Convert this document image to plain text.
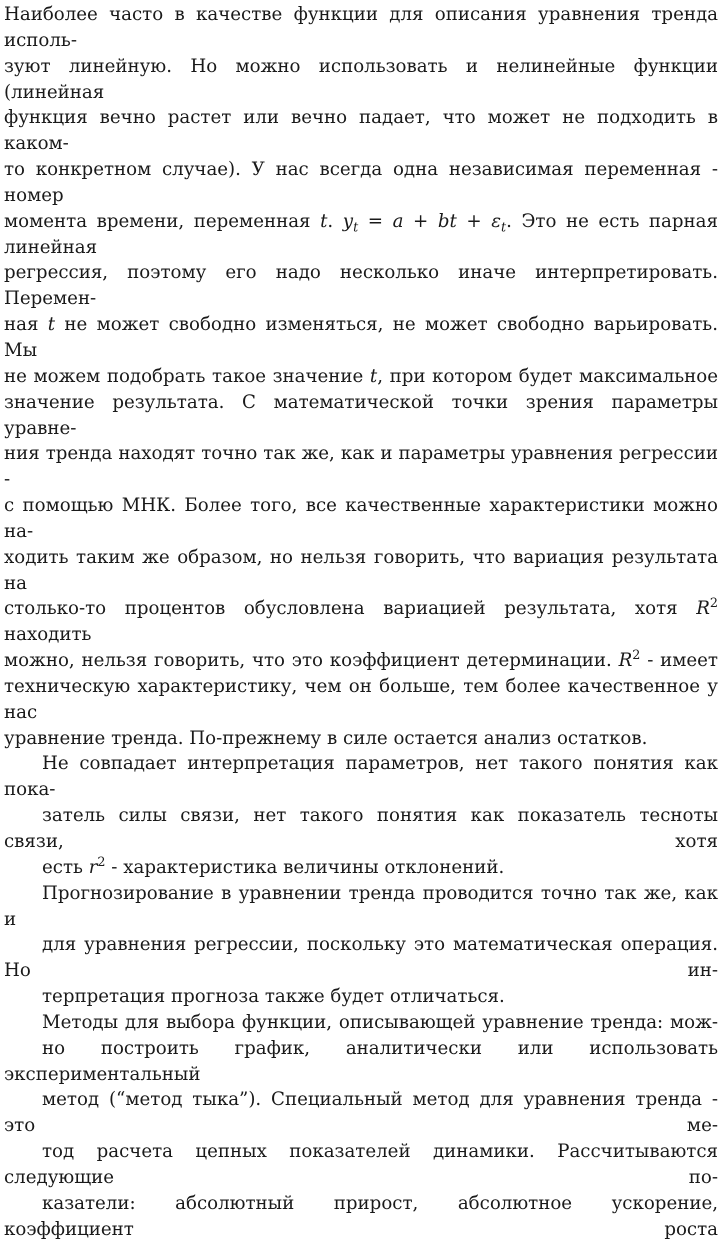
Наиболее часто в качестве функции для описания уравнения тренда исполь-
зуют линейную. Но можно использовать и нелинейные функции (линейная
функция вечно растет или вечно падает, что может не подходить в каком-
то конкретном случае). У нас всегда одна независимая переменная - номер
момента времени, переменная t. $y_t = a$ + bt + $\varepsilon_t$. Это не есть парная линейная
регрессия, поэтому его надо несколько иначе интерпретировать. Перемен-
ная t не может свободно изменяться, не может свободно варьировать. Мы
не можем подобрать такое значение t, при котором будет максимальное
значение результата. С математической точки зрения параметры уравне-
ния тренда находят точно так же, как и параметры уравнения регрессии -
с помощью МНК. Более того, все качественные характеристики можно на-
ходить таким же образом, но нельзя говорить, что вариация результата на
столько-то процентов обусловлена вариацией результата, хотя $R^2$ находить
можно, нельзя говорить, что это коэффициент детерминации. $R^2$ - имеет
техническую характеристику, чем он больше, тем более качественное у нас
уравнение тренда. По-прежнему в силе остается анализ остатков.

Не совпадает интерпретация параметров, нет такого понятия как пока-
затель силы связи, нет такого понятия как показатель тесноты связи, хотя
есть $r^2$ - характеристика величины отклонений.

Прогнозирование в уравнении тренда проводится точно так же, как и
для уравнения регрессии, поскольку это математическая операция. Но ин-
терпретация прогноза также будет отличаться.

Методы для выбора функции, описывающей уравнение тренда: мож-
но построить график, аналитически или использовать экспериментальный
метод (“метод тыка”). Специальный метод для уравнения тренда - это ме-
тод расчета цепных показателей динамики. Рассчитываются следующие по-
казатели: абсолютный прирост, абсолютное ускорение, коэффициент роста
